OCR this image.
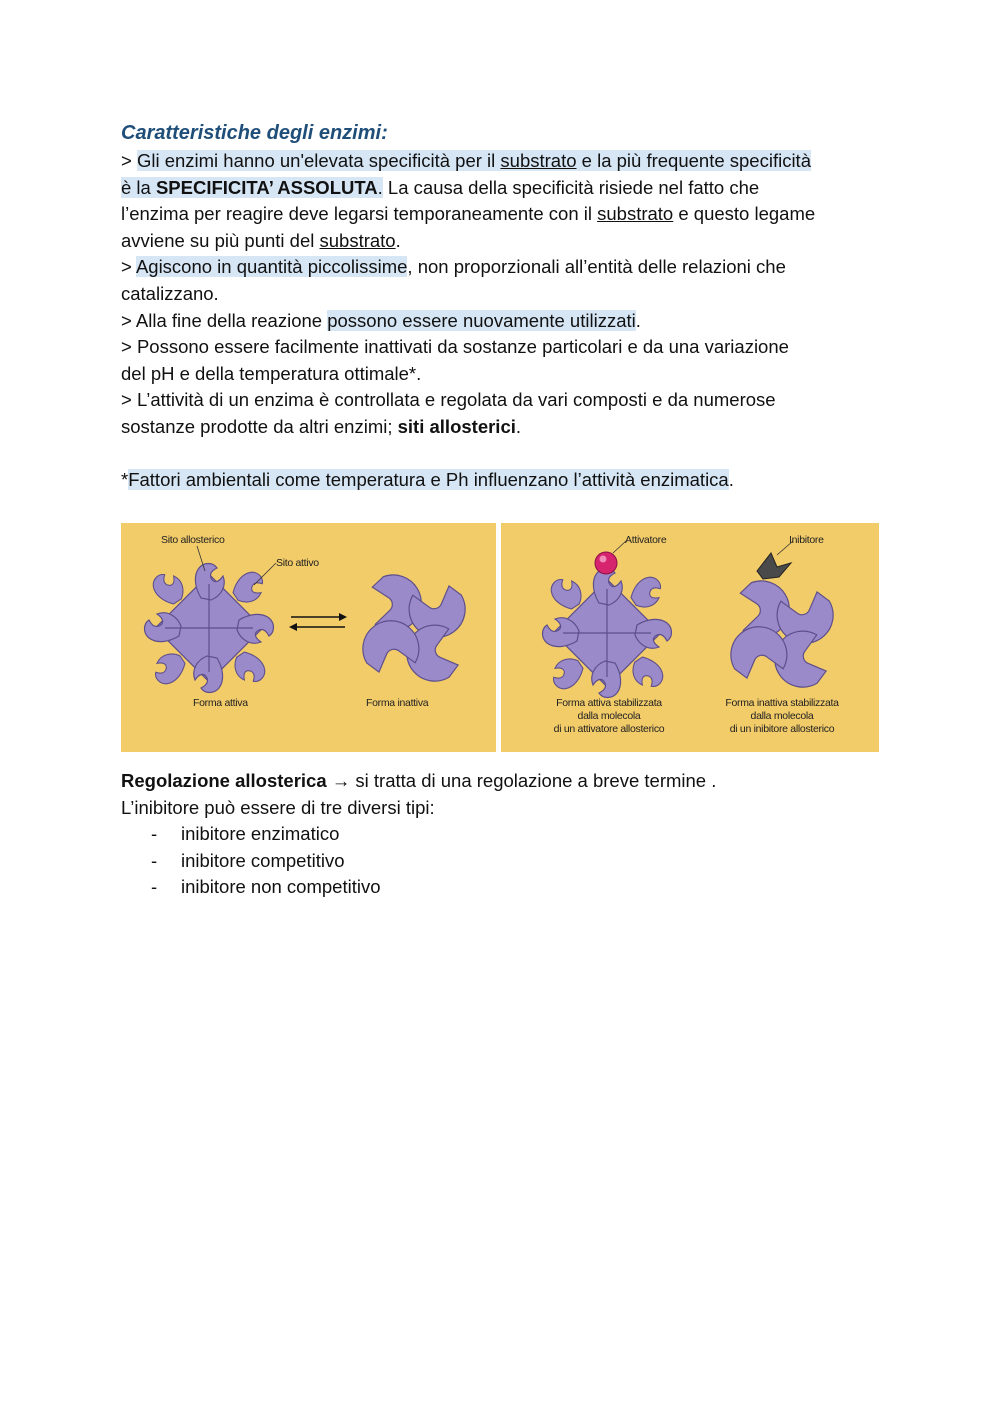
Caratteristiche degli enzimi:

> Gli enzimi hanno un'elevata specificità per il substrato e la più frequente specificità

è la SPECIFICITA’ ASSOLUTA. La causa della specificità risiede nel fatto che

l’enzima per reagire deve legarsi temporaneamente con il substrato e questo legame

avviene su più punti del substrato.

> Agiscono in quantità piccolissime, non proporzionali all’entità delle relazioni che

catalizzano.

> Alla fine della reazione possono essere nuovamente utilizzati.

> Possono essere facilmente inattivati da sostanze particolari e da una variazione

del pH e della temperatura ottimale*.

> L’attività di un enzima è controllata e regolata da vari composti e da numerose

sostanze prodotte da altri enzimi; siti allosterici.

*Fattori ambientali come temperatura e Ph influenzano l’attività enzimatica.

Sito allosterico
Sito attivo
Forma attiva	Forma inattiva
Attivatore	Inibitore
Forma attiva stabilizzata
dalla molecola
di un attivatore allosterico
Forma inattiva stabilizzata
dalla molecola
di un inibitore allosterico

Regolazione allosterica → si tratta di una regolazione a breve termine .

L’inibitore può essere di tre diversi tipi:

- inibitore enzimatico
- inibitore competitivo
- inibitore non competitivo
